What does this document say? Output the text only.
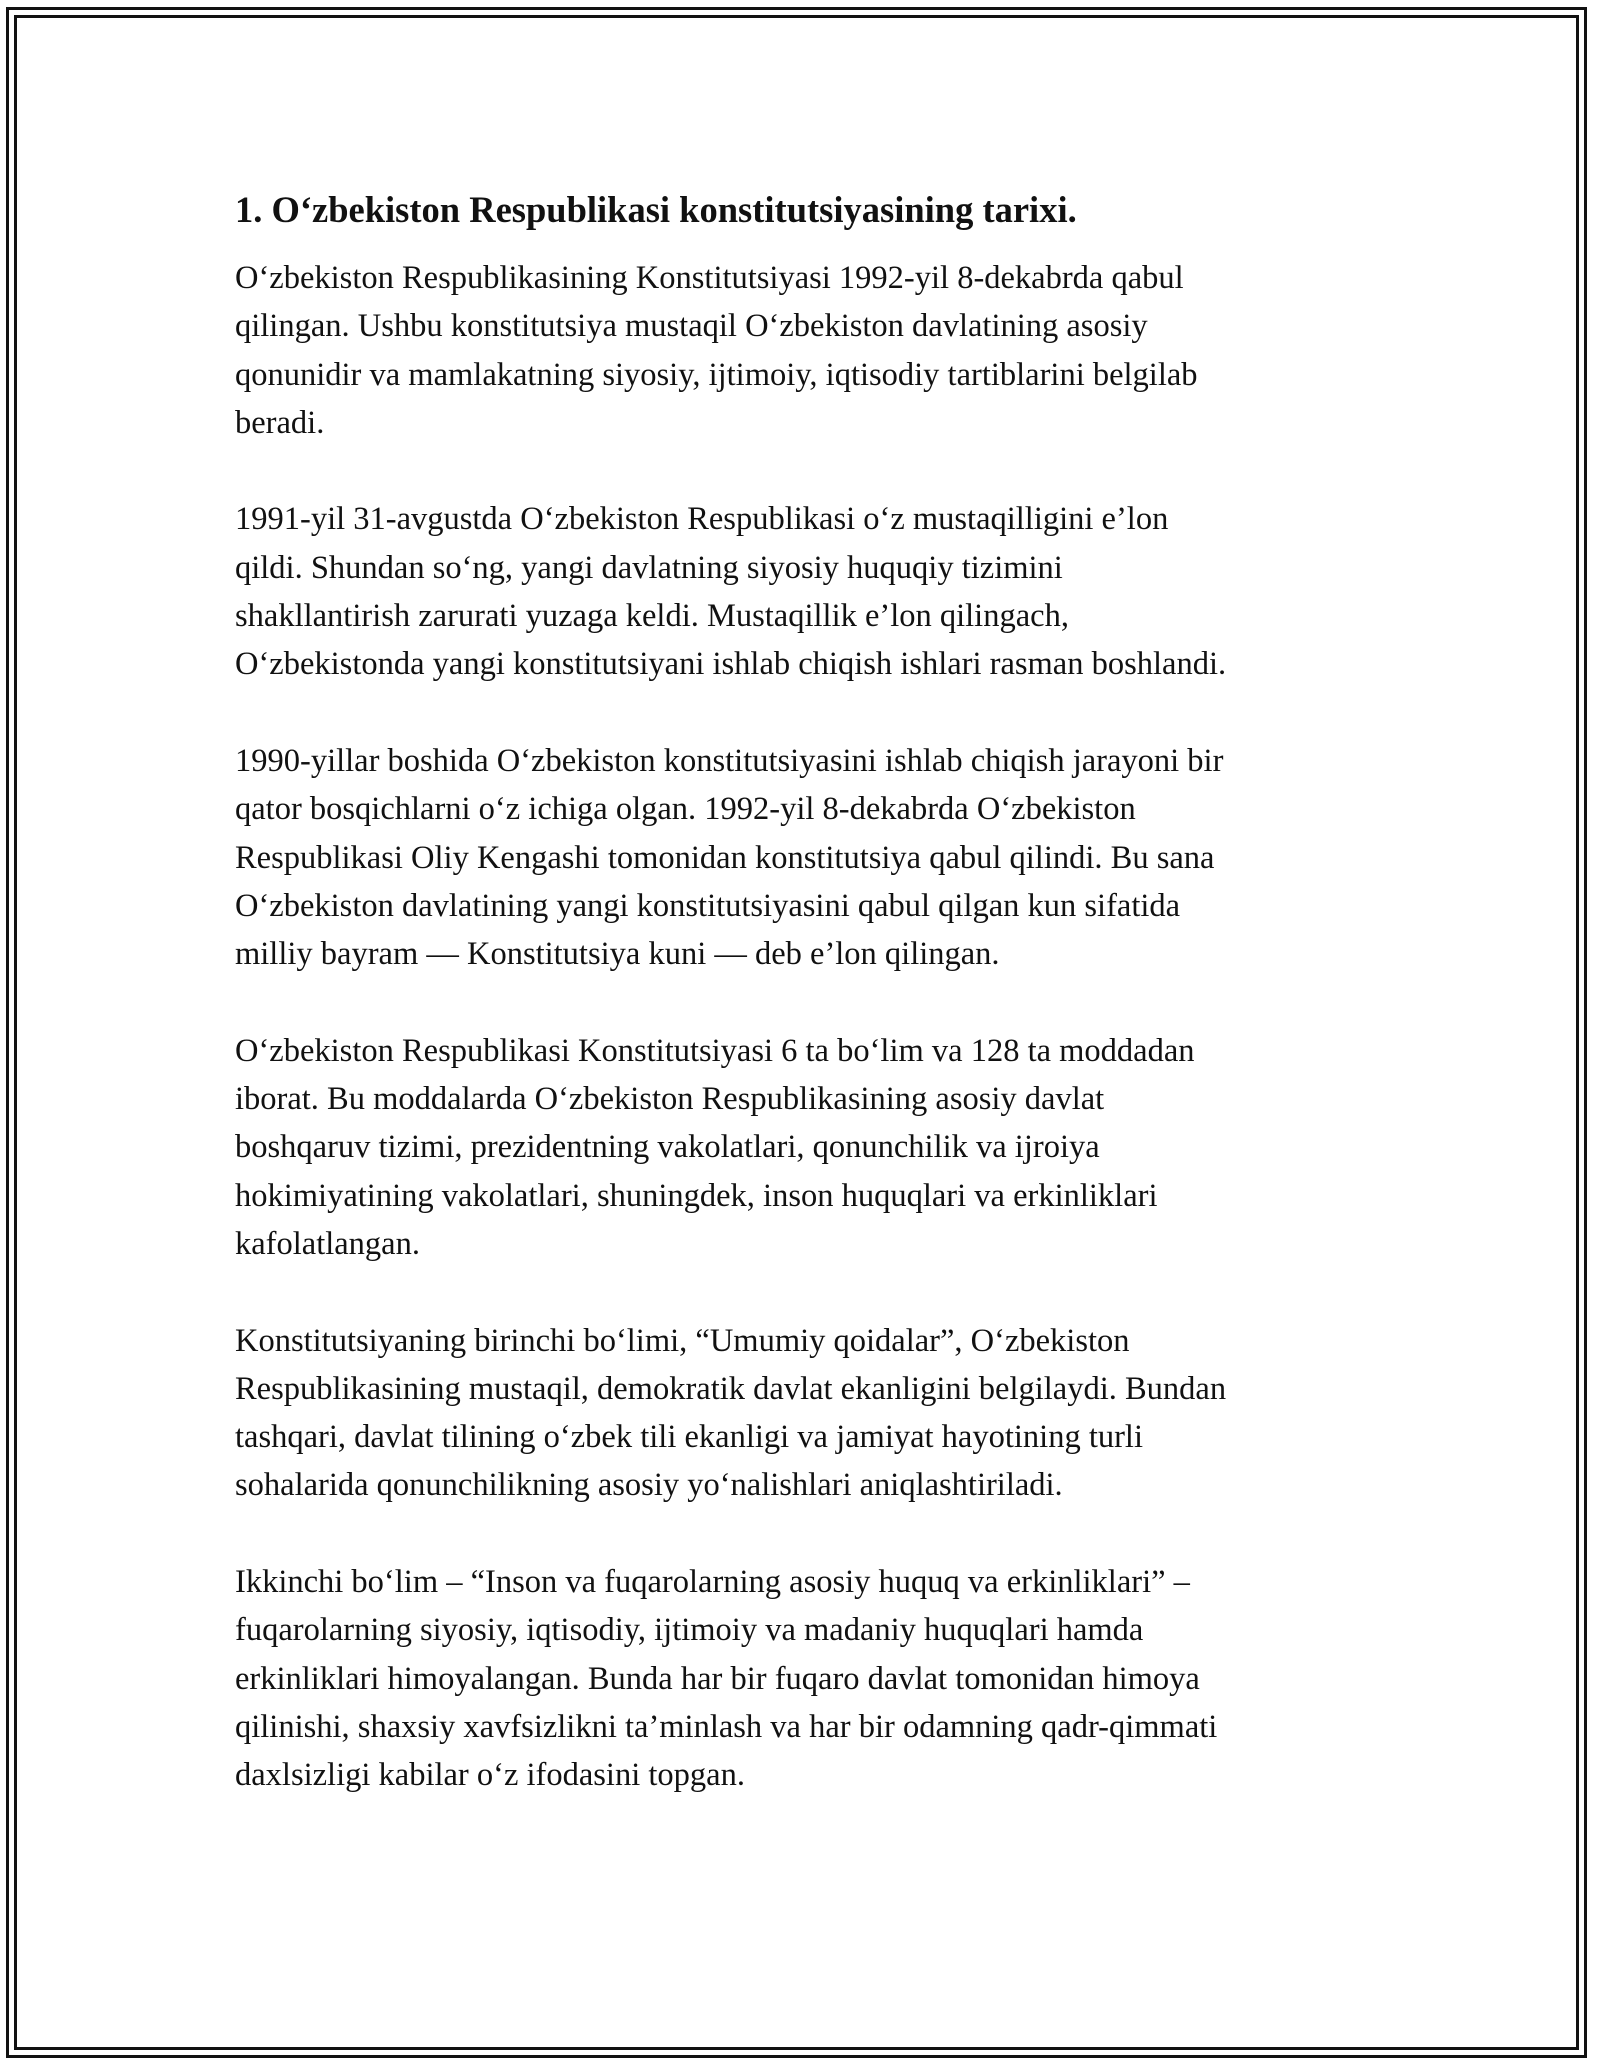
1. O‘zbekiston Respublikasi konstitutsiyasining tarixi.

O‘zbekiston Respublikasining Konstitutsiyasi 1992-yil 8-dekabrda qabul
qilingan. Ushbu konstitutsiya mustaqil O‘zbekiston davlatining asosiy
qonunidir va mamlakatning siyosiy, ijtimoiy, iqtisodiy tartiblarini belgilab
beradi.

1991-yil 31-avgustda O‘zbekiston Respublikasi o‘z mustaqilligini e’lon
qildi. Shundan so‘ng, yangi davlatning siyosiy huquqiy tizimini
shakllantirish zarurati yuzaga keldi. Mustaqillik e’lon qilingach,
O‘zbekistonda yangi konstitutsiyani ishlab chiqish ishlari rasman boshlandi.

1990-yillar boshida O‘zbekiston konstitutsiyasini ishlab chiqish jarayoni bir
qator bosqichlarni o‘z ichiga olgan. 1992-yil 8-dekabrda O‘zbekiston
Respublikasi Oliy Kengashi tomonidan konstitutsiya qabul qilindi. Bu sana
O‘zbekiston davlatining yangi konstitutsiyasini qabul qilgan kun sifatida
milliy bayram — Konstitutsiya kuni — deb e’lon qilingan.

O‘zbekiston Respublikasi Konstitutsiyasi 6 ta bo‘lim va 128 ta moddadan
iborat. Bu moddalarda O‘zbekiston Respublikasining asosiy davlat
boshqaruv tizimi, prezidentning vakolatlari, qonunchilik va ijroiya
hokimiyatining vakolatlari, shuningdek, inson huquqlari va erkinliklari
kafolatlangan.

Konstitutsiyaning birinchi bo‘limi, “Umumiy qoidalar”, O‘zbekiston
Respublikasining mustaqil, demokratik davlat ekanligini belgilaydi. Bundan
tashqari, davlat tilining o‘zbek tili ekanligi va jamiyat hayotining turli
sohalarida qonunchilikning asosiy yo‘nalishlari aniqlashtiriladi.

Ikkinchi bo‘lim – “Inson va fuqarolarning asosiy huquq va erkinliklari” –
fuqarolarning siyosiy, iqtisodiy, ijtimoiy va madaniy huquqlari hamda
erkinliklari himoyalangan. Bunda har bir fuqaro davlat tomonidan himoya
qilinishi, shaxsiy xavfsizlikni ta’minlash va har bir odamning qadr-qimmati
daxlsizligi kabilar o‘z ifodasini topgan.
